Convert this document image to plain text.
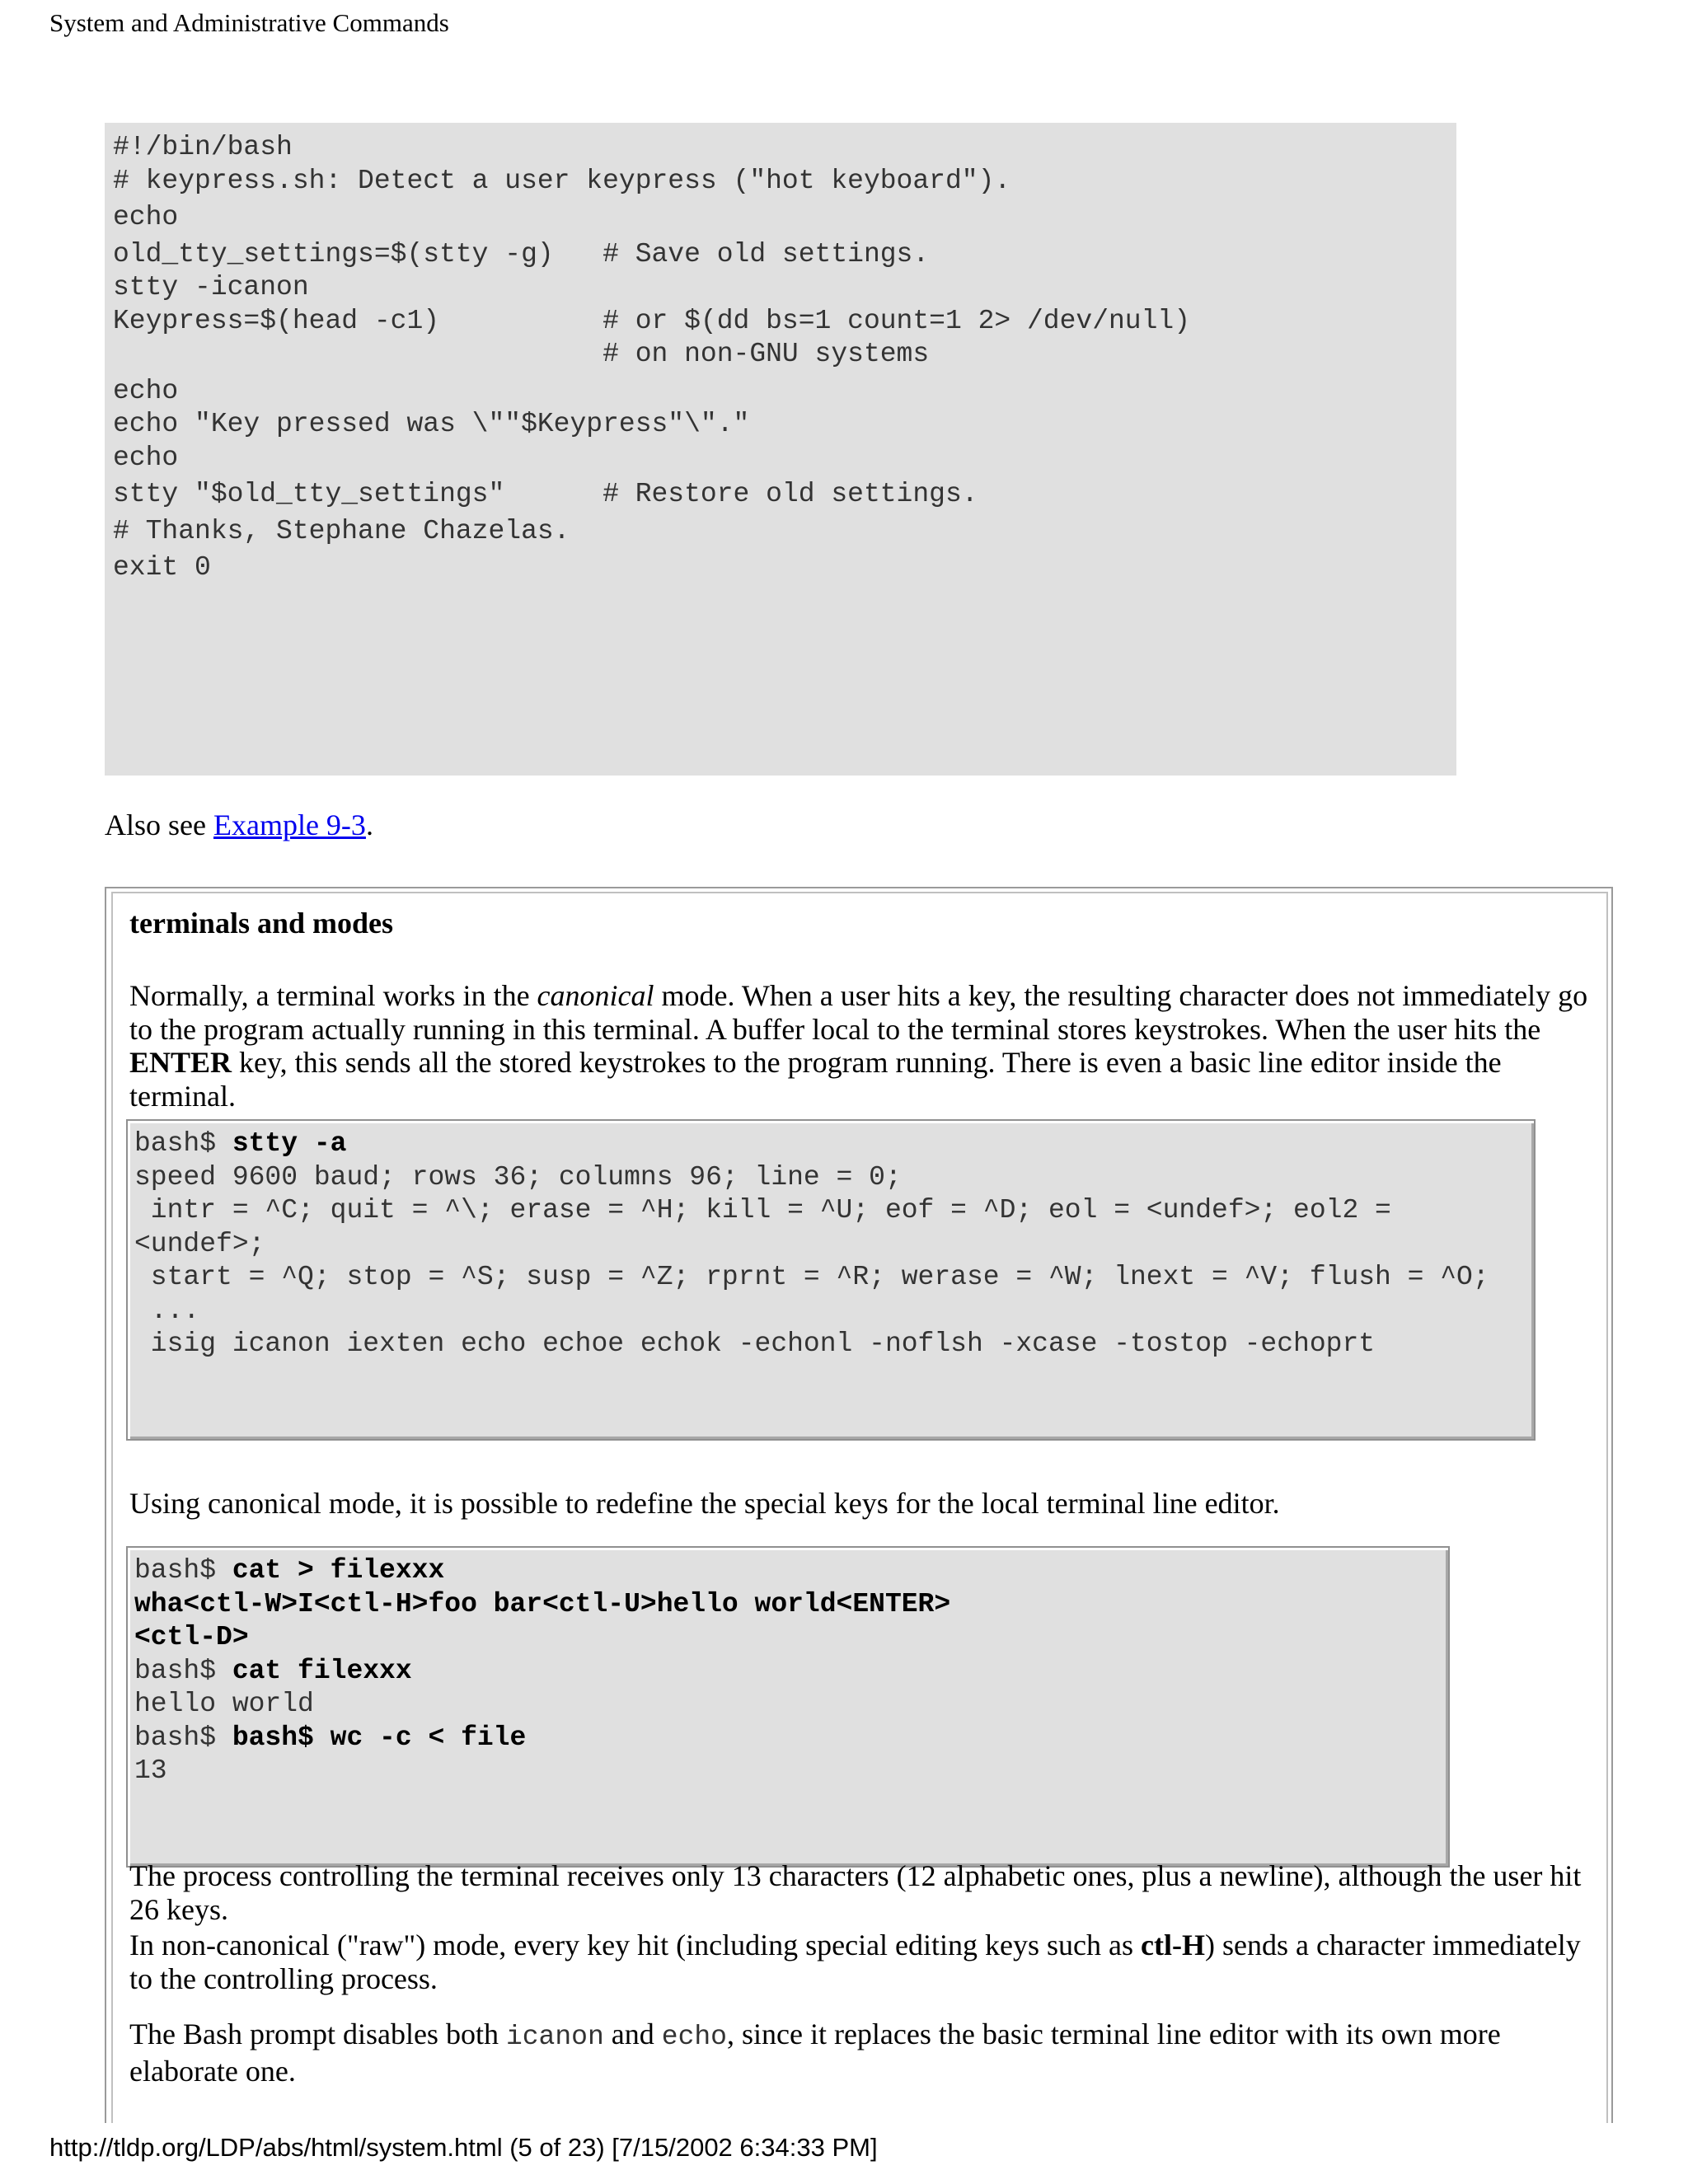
System and Administrative Commands
#!/bin/bash
# keypress.sh: Detect a user keypress ("hot keyboard").

echo

old_tty_settings=$(stty -g)   # Save old settings.
stty -icanon
Keypress=$(head -c1)          # or $(dd bs=1 count=1 2> /dev/null)
# on non-GNU systems

echo
echo "Key pressed was \""$Keypress"\"."
echo

stty "$old_tty_settings"      # Restore old settings.

# Thanks, Stephane Chazelas.

exit 0
Also see Example 9-3.
terminals and modes
Normally, a terminal works in the canonical mode. When a user hits a key, the resulting character does not immediately go to the program actually running in this terminal. A buffer local to the terminal stores keystrokes. When the user hits the ENTER key, this sends all the stored keystrokes to the program running. There is even a basic line editor inside the terminal.
bash$ stty -a
speed 9600 baud; rows 36; columns 96; line = 0;
intr = ^C; quit = ^\; erase = ^H; kill = ^U; eof = ^D; eol = <undef>; eol2 =
<undef>;
start = ^Q; stop = ^S; susp = ^Z; rprnt = ^R; werase = ^W; lnext = ^V; flush = ^O;
...
isig icanon iexten echo echoe echok -echonl -noflsh -xcase -tostop -echoprt
Using canonical mode, it is possible to redefine the special keys for the local terminal line editor.
bash$ cat > filexxx
wha<ctl-W>I<ctl-H>foo bar<ctl-U>hello world<ENTER>
<ctl-D>
bash$ cat filexxx
hello world
bash$ bash$ wc -c < file
13
The process controlling the terminal receives only 13 characters (12 alphabetic ones, plus a newline), although the user hit 26 keys.
In non-canonical ("raw") mode, every key hit (including special editing keys such as ctl-H) sends a character immediately to the controlling process.
The Bash prompt disables both icanon and echo, since it replaces the basic terminal line editor with its own more elaborate one.
http://tldp.org/LDP/abs/html/system.html (5 of 23) [7/15/2002 6:34:33 PM]
